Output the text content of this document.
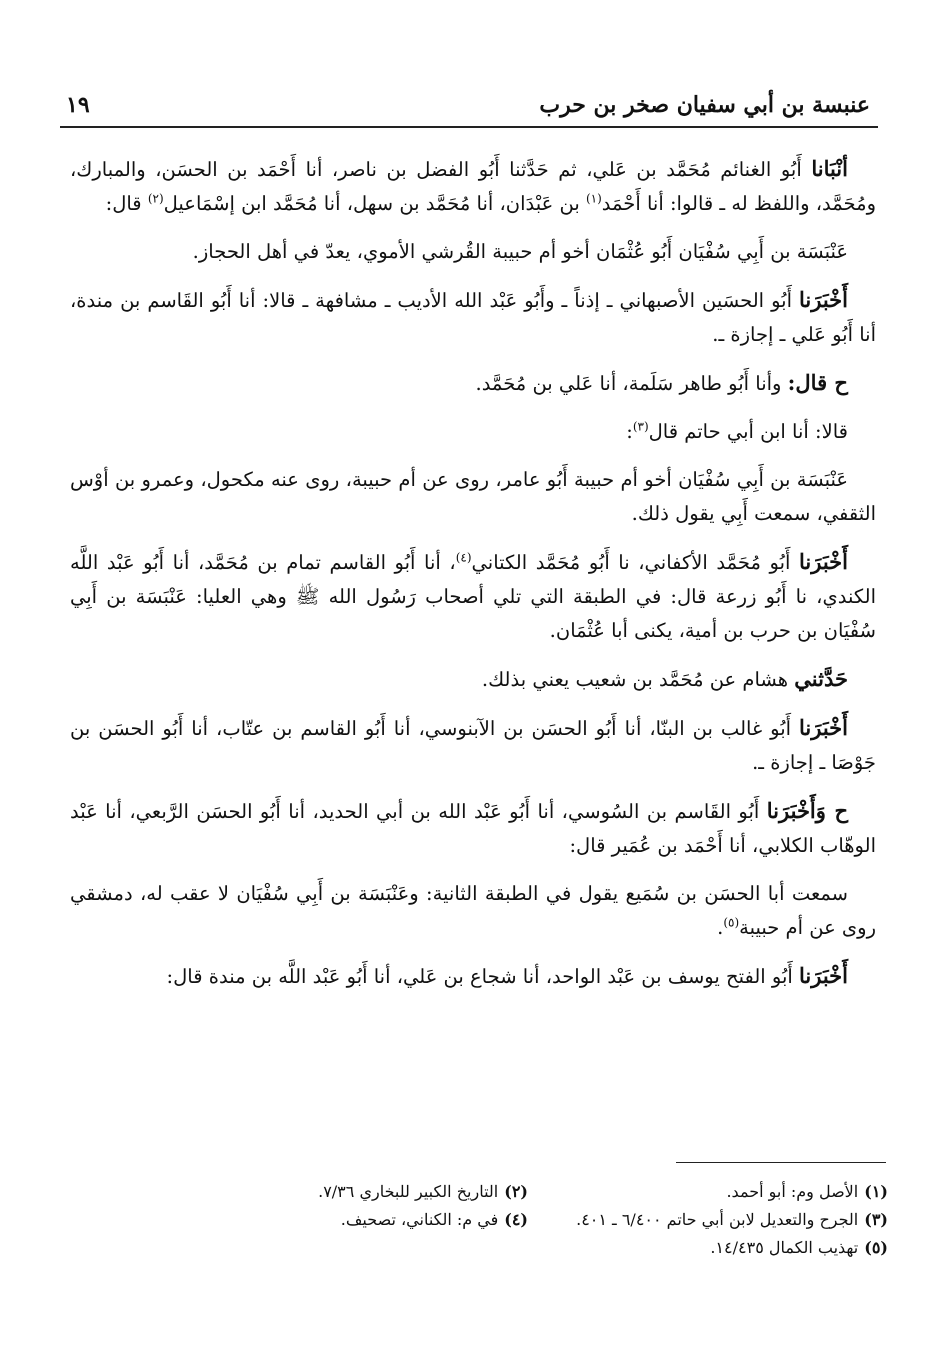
عنبسة بن أبي سفيان صخر بن حرب
١٩

أنْبَانا أَبُو الغنائم مُحَمَّد بن عَلي، ثم حَدَّثنا أَبُو الفضل بن ناصر، أنا أَحْمَد بن الحسَن، والمبارك، ومُحَمَّد، واللفظ له ـ قالوا: أنا أَحْمَد$^{(١)}$ بن عَبْدَان، أنا مُحَمَّد بن سهل، أنا مُحَمَّد ابن إسْمَاعيل$^{(٢)}$ قال:

عَنْبَسَة بن أَبِي سُفْيَان أَبُو عُثْمَان أخو أم حبيبة القُرشي الأموي، يعدّ في أهل الحجاز.

أَخْبَرَنا أَبُو الحسَين الأصبهاني ـ إذناً ـ وأَبُو عَبْد الله الأديب ـ مشافهة ـ قالا: أنا أَبُو القَاسم بن مندة، أنا أَبُو عَلي ـ إجازة ـ.

ح قال: وأنا أَبُو طاهر سَلَمة، أنا عَلي بن مُحَمَّد.

قالا: أنا ابن أبي حاتم قال$^{(٣)}$:

عَنْبَسَة بن أَبِي سُفْيَان أخو أم حبيبة أَبُو عامر، روى عن أم حبيبة، روى عنه مكحول، وعمرو بن أوْس الثقفي، سمعت أَبِي يقول ذلك.

أَخْبَرَنا أَبُو مُحَمَّد الأكفاني، نا أَبُو مُحَمَّد الكتاني$^{(٤)}$، أنا أَبُو القاسم تمام بن مُحَمَّد، أنا أَبُو عَبْد اللَّه الكندي، نا أَبُو زرعة قال: في الطبقة التي تلي أصحاب رَسُول الله ﷺ وهي العليا: عَنْبَسَة بن أَبِي سُفْيَان بن حرب بن أمية، يكنى أبا عُثْمَان.

حَدَّثني هشام عن مُحَمَّد بن شعيب يعني بذلك.

أَخْبَرَنا أَبُو غالب بن البنّا، أنا أَبُو الحسَن بن الآبنوسي، أنا أَبُو القاسم بن عتّاب، أنا أَبُو الحسَن بن جَوْصَا ـ إجازة ـ.

ح وَأَخْبَرَنا أَبُو القَاسم بن السُوسي، أنا أَبُو عَبْد الله بن أبي الحديد، أنا أَبُو الحسَن الرَّبعي، أنا عَبْد الوهّاب الكلابي، أنا أَحْمَد بن عُمَير قال:

سمعت أبا الحسَن بن سُمَيع يقول في الطبقة الثانية: وعَنْبَسَة بن أَبِي سُفْيَان لا عقب له، دمشقي روى عن أم حبيبة$^{(٥)}$.

أَخْبَرَنا أَبُو الفتح يوسف بن عَبْد الواحد، أنا شجاع بن عَلي، أنا أَبُو عَبْد اللَّه بن مندة قال:

(١)الأصل وم: أبو أحمد.
(٢)التاريخ الكبير للبخاري ٧/٣٦.
(٣)الجرح والتعديل لابن أبي حاتم ٦/٤٠٠ ـ ٤٠١.
(٤)في م: الكناني، تصحيف.
(٥)تهذيب الكمال ١٤/٤٣٥.
